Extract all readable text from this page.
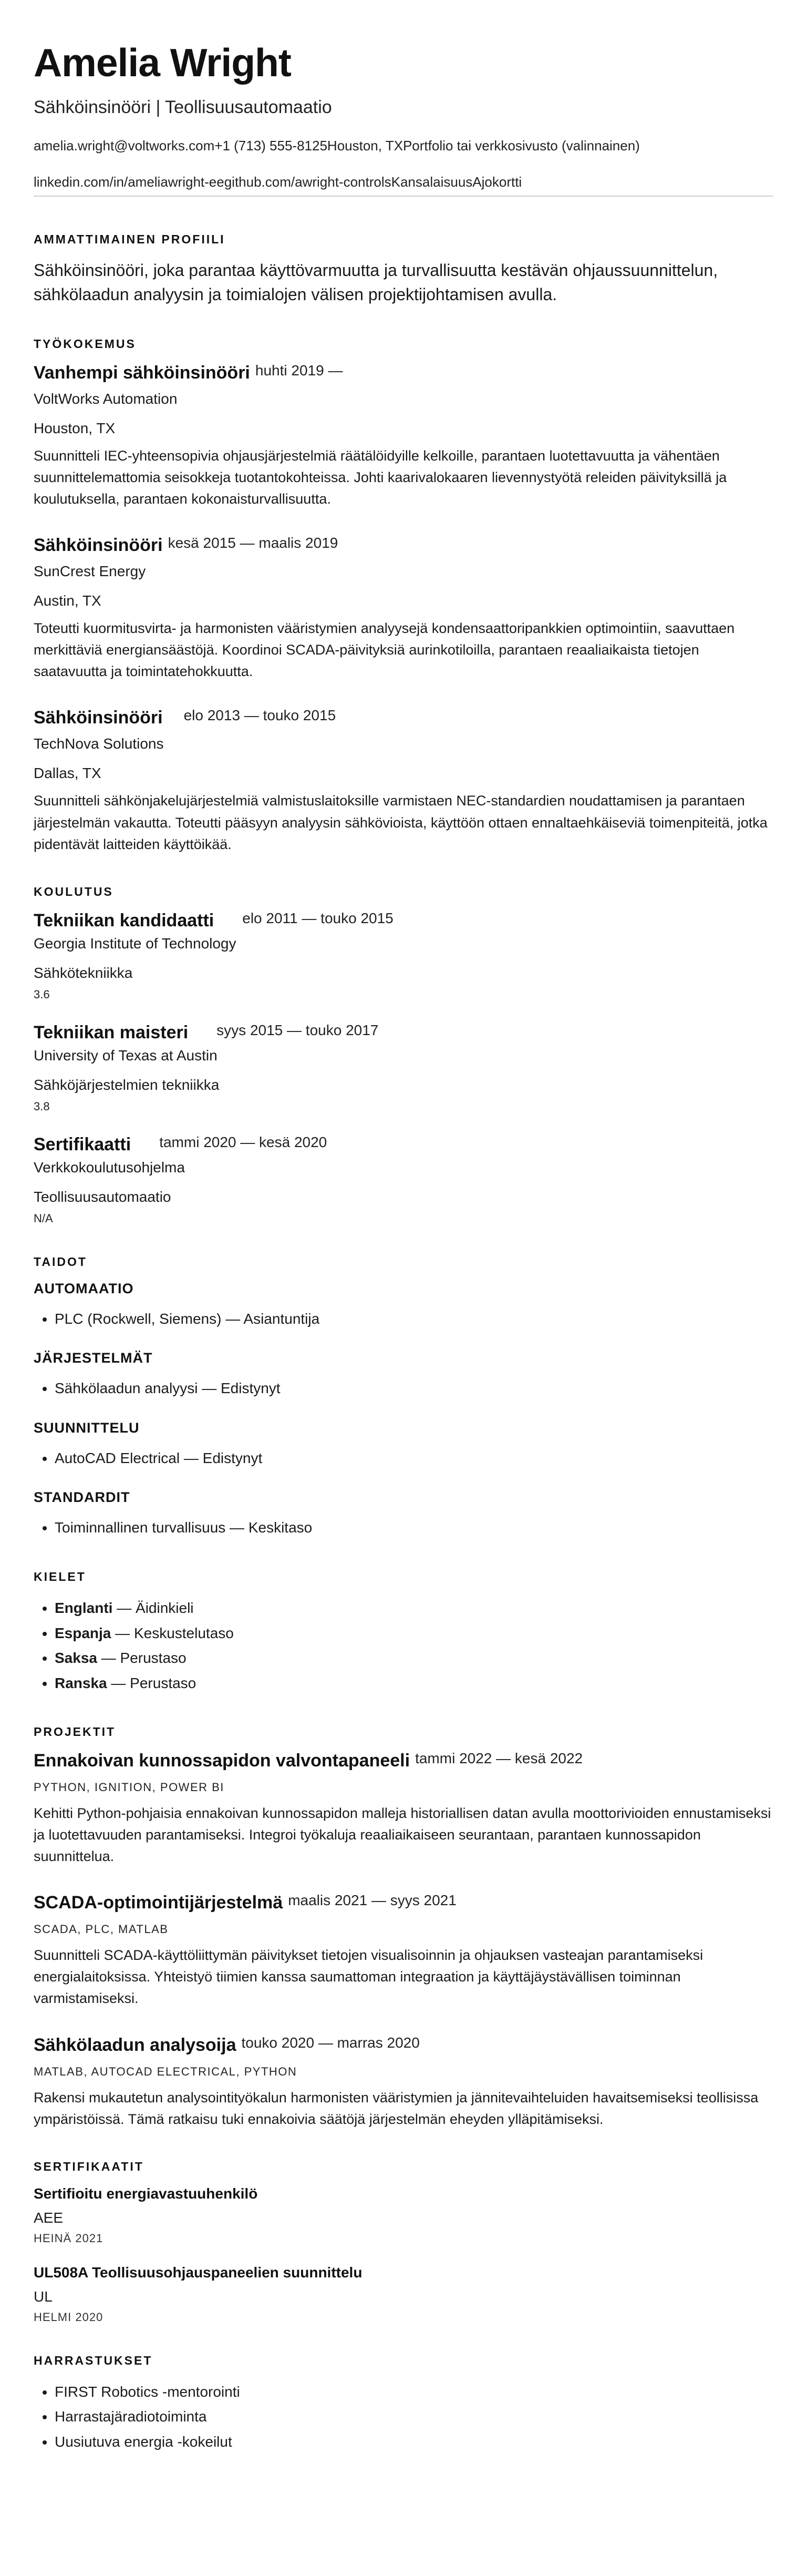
Amelia Wright
Sähköinsinööri | Teollisuusautomaatio
amelia.wright@voltworks.com+1 (713) 555-8125Houston, TXPortfolio tai verkkosivusto (valinnainen)
linkedin.com/in/ameliawright-eegithub.com/awright-controlsKansalaisuusAjokortti
AMMATTIMAINEN PROFIILI

Sähköinsinööri, joka parantaa käyttövarmuutta ja turvallisuutta kestävän ohjaussuunnittelun, sähkölaadun analyysin ja toimialojen välisen projektijohtamisen avulla.

TYÖKOKEMUS
Vanhempi sähköinsinööri huhti 2019 —
VoltWorks Automation
Houston, TX
Suunnitteli IEC-yhteensopivia ohjausjärjestelmiä räätälöidyille kelkoille, parantaen luotettavuutta ja vähentäen suunnittelemattomia seisokkeja tuotantokohteissa. Johti kaarivalokaaren lievennystyötä releiden päivityksillä ja koulutuksella, parantaen kokonaisturvallisuutta.
Sähköinsinööri kesä 2015 — maalis 2019
SunCrest Energy
Austin, TX
Toteutti kuormitusvirta- ja harmonisten vääristymien analyysejä kondensaattoripankkien optimointiin, saavuttaen merkittäviä energiansäästöjä. Koordinoi SCADA-päivityksiä aurinkotiloilla, parantaen reaaliaikaista tietojen saatavuutta ja toimintatehokkuutta.
Sähköinsinööri elo 2013 — touko 2015
TechNova Solutions
Dallas, TX
Suunnitteli sähkönjakelujärjestelmiä valmistuslaitoksille varmistaen NEC-standardien noudattamisen ja parantaen järjestelmän vakautta. Toteutti pääsyyn analyysin sähkövioista, käyttöön ottaen ennaltaehkäiseviä toimenpiteitä, jotka pidentävät laitteiden käyttöikää.
KOULUTUS
Tekniikan kandidaatti elo 2011 — touko 2015
Georgia Institute of Technology
Sähkötekniikka
3.6
Tekniikan maisteri syys 2015 — touko 2017
University of Texas at Austin
Sähköjärjestelmien tekniikka
3.8
Sertifikaatti tammi 2020 — kesä 2020
Verkkokoulutusohjelma
Teollisuusautomaatio
N/A
TAIDOT
AUTOMAATIO
• PLC (Rockwell, Siemens) — Asiantuntija
JÄRJESTELMÄT
• Sähkölaadun analyysi — Edistynyt
SUUNNITTELU
• AutoCAD Electrical — Edistynyt
STANDARDIT
• Toiminnallinen turvallisuus — Keskitaso
KIELET
• Englanti — Äidinkieli
• Espanja — Keskustelutaso
• Saksa — Perustaso
• Ranska — Perustaso
PROJEKTIT
Ennakoivan kunnossapidon valvontapaneeli tammi 2022 — kesä 2022
PYTHON, IGNITION, POWER BI
Kehitti Python-pohjaisia ennakoivan kunnossapidon malleja historiallisen datan avulla moottorivioiden ennustamiseksi ja luotettavuuden parantamiseksi. Integroi työkaluja reaaliaikaiseen seurantaan, parantaen kunnossapidon suunnittelua.
SCADA-optimointijärjestelmä maalis 2021 — syys 2021
SCADA, PLC, MATLAB
Suunnitteli SCADA-käyttöliittymän päivitykset tietojen visualisoinnin ja ohjauksen vasteajan parantamiseksi energialaitoksissa. Yhteistyö tiimien kanssa saumattoman integraation ja käyttäjäystävällisen toiminnan varmistamiseksi.
Sähkölaadun analysoija touko 2020 — marras 2020
MATLAB, AUTOCAD ELECTRICAL, PYTHON
Rakensi mukautetun analysointityökalun harmonisten vääristymien ja jännitevaihteluiden havaitsemiseksi teollisissa ympäristöissä. Tämä ratkaisu tuki ennakoivia säätöjä järjestelmän eheyden ylläpitämiseksi.
SERTIFIKAATIT
Sertifioitu energiavastuuhenkilö
AEE
HEINÄ 2021
UL508A Teollisuusohjauspaneelien suunnittelu
UL
HELMI 2020
HARRASTUKSET
• FIRST Robotics -mentorointi
• Harrastajäradiotoiminta
• Uusiutuva energia -kokeilut
